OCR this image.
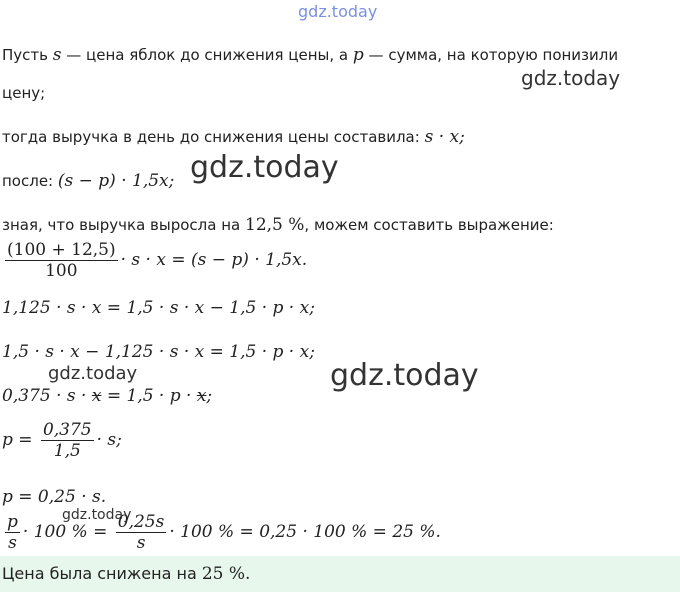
gdz.today
gdz.today
gdz.today
gdz.today	gdz.today
gdz.today
Пусть s — цена яблок до снижения цены, а p — сумма, на которую понизили
цену;
тогда выручка в день до снижения цены составила: s · x;
после: (s − p) · 1,5x;
зная, что выручка выросла на 12,5 %, можем составить выражение:
$\frac{(100 + 12,5)}{100} \cdot s \cdot x = (s - p) \cdot 1,5x$.
1,125 · s · x = 1,5 · s · x − 1,5 · p · x;
1,5 · s · x − 1,125 · s · x = 1,5 · p · x;
0,375 · s · x = 1,5 · p · x;
$p = \frac{0,375}{1,5} \cdot s$;
p = 0,25 · s.
$\frac{p}{s} \cdot 100$ % = $\frac{0,25s}{s} \cdot 100$ % = 0,25 · 100 % = 25 %.
Цена была снижена на 25 %.
